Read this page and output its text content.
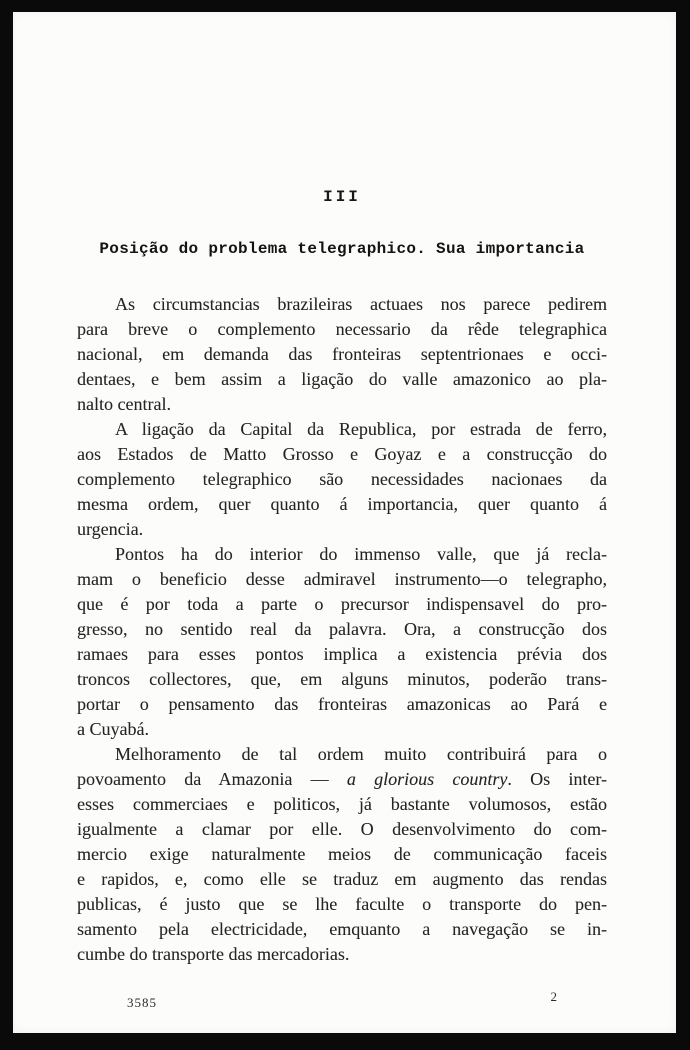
III
Posição do problema telegraphico. Sua importancia
As circumstancias brazileiras actuaes nos parece pedirem
para breve o complemento necessario da rêde telegraphica
nacional, em demanda das fronteiras septentrionaes e occi-
dentaes, e bem assim a ligação do valle amazonico ao pla-
nalto central.
A ligação da Capital da Republica, por estrada de ferro,
aos Estados de Matto Grosso e Goyaz e a construcção do
complemento telegraphico são necessidades nacionaes da
mesma ordem, quer quanto á importancia, quer quanto á
urgencia.
Pontos ha do interior do immenso valle, que já recla-
mam o beneficio desse admiravel instrumento—o telegrapho,
que é por toda a parte o precursor indispensavel do pro-
gresso, no sentido real da palavra. Ora, a construcção dos
ramaes para esses pontos implica a existencia prévia dos
troncos collectores, que, em alguns minutos, poderão trans-
portar o pensamento das fronteiras amazonicas ao Pará e
a Cuyabá.
Melhoramento de tal ordem muito contribuirá para o
povoamento da Amazonia — a glorious country. Os inter-
esses commerciaes e politicos, já bastante volumosos, estão
igualmente a clamar por elle. O desenvolvimento do com-
mercio exige naturalmente meios de communicação faceis
e rapidos, e, como elle se traduz em augmento das rendas
publicas, é justo que se lhe faculte o transporte do pen-
samento pela electricidade, emquanto a navegação se in-
cumbe do transporte das mercadorias.
3585	2
